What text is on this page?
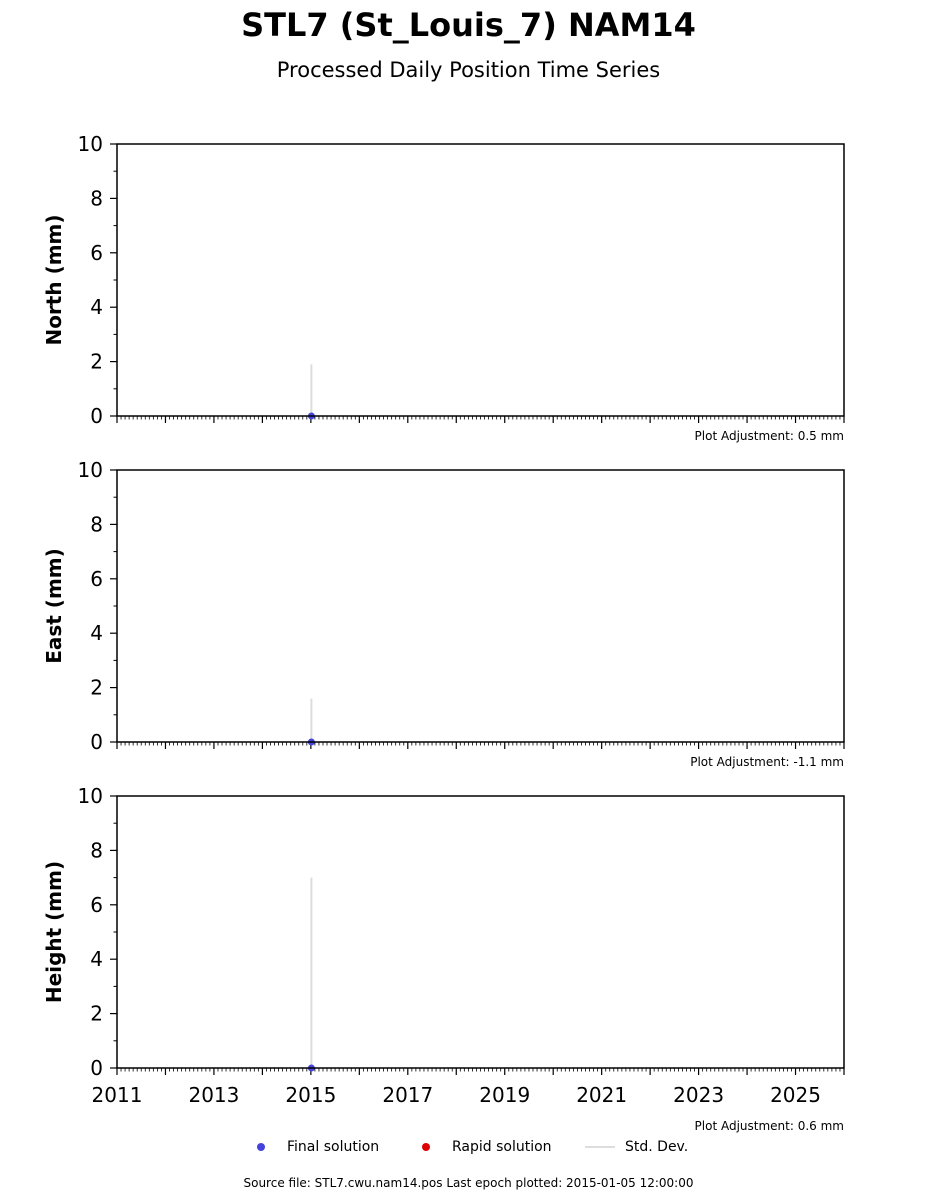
STL7 (St_Louis_7) NAM14
Processed Daily Position Time Series
0
2
4
6
8
10
North (mm)
Plot Adjustment: 0.5 mm
0
2
4
6
8
10
East (mm)
Plot Adjustment: -1.1 mm
0
2
4
6
8
10
2011 2013 2015 2017 2019 2021 2023 2025
Height (mm)
Plot Adjustment: 0.6 mm
Final solution	Rapid solution	Std. Dev.
Source file: STL7.cwu.nam14.pos Last epoch plotted: 2015-01-05 12:00:00
